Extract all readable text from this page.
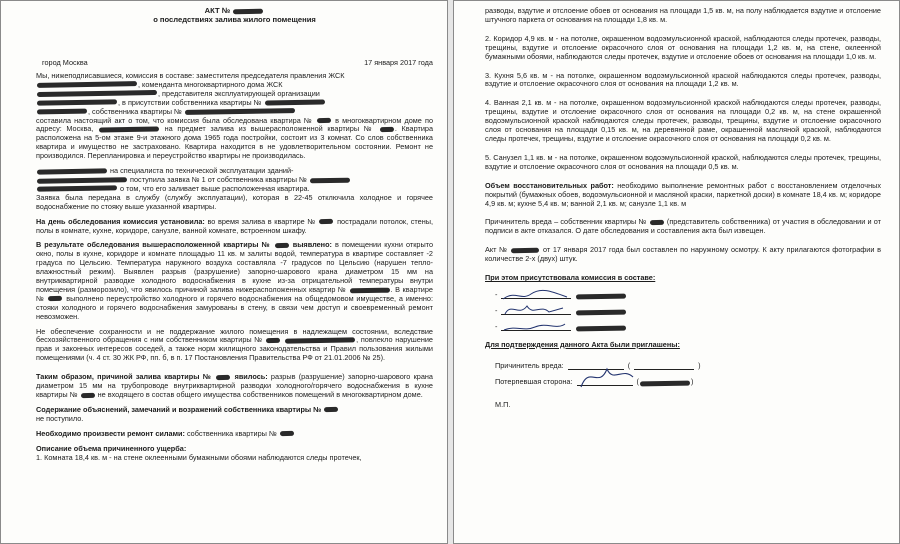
АКТ №

о последствиях залива жилого помещения

город Москва	17 января 2017 года

Мы, нижеподписавшиеся, комиссия в составе: заместителя председателя правления ЖСК
, коменданта многоквартирного дома ЖСК
, представителя эксплуатирующей организации
, в присутствии собственника квартиры №
, собственника квартиры №
составила настоящий акт о том, что комиссия была обследована квартира №	в многоквартирном доме по адресу: Москва,	на предмет залива из вышерасположенной квартиры №	. Квартира расположена на 5-ом этаже 9-и этажного дома 1965 года постройки, состоит из 3 комнат. Со слов собственника квартира и имущество не застраховано. Квартира находится в не удовлетворительном состоянии. Ремонт не производился. Перепланировка и переустройство квартиры не производилась.

на специалиста по технической эксплуатации зданий-
поступила заявка № 1 от собственника квартиры №
о том, что его заливает выше расположенная квартира.
Заявка была передана в службу (службу эксплуатации), которая в 22-45 отключила холодное и горячее водоснабжение по стояку выше указанной квартиры.

На день обследования комиссия установила: во время залива в квартире №	пострадали потолок, стены, полы в комнате, кухне, коридоре, санузле, ванной комнате, встроенном шкафу.

В результате обследования вышерасположенной квартиры №	выявлено: в помещении кухни открыто окно, полы в кухне, коридоре и комнате площадью 11 кв. м залиты водой, температура в квартире составляет -2 градуса по Цельсию. Температура наружного воздуха составляла -7 градусов по Цельсию (нарушен тепло-влажностный режим). Выявлен разрыв (разрушение) запорно-шарового крана диаметром 15 мм на внутриквартирной разводке холодного водоснабжения в кухне из-за отрицательной температуры внутри помещения (разморозило), что явилось причиной залива нижерасположенных квартир №	. В квартире №	выполнено переустройство холодного и горячего водоснабжения на общедомовом имуществе, а именно: стояки холодного и горячего водоснабжения замурованы в стену, в связи чем доступ и своевременный ремонт невозможен.

Не обеспечение сохранности и не поддержание жилого помещения в надлежащем состоянии, вследствие бесхозяйственного обращения с ним собственником квартиры №	, повлекло нарушение прав и законных интересов соседей, а также норм жилищного законодательства и Правил пользования жилыми помещениями (ч. 4 ст. 30 ЖК РФ, пп. б, в п. 17 Постановления Правительства РФ от 21.01.2006 № 25).

Таким образом, причиной залива квартиры №	явилось: разрыв (разрушение) запорно-шарового крана диаметром 15 мм на трубопроводе внутриквартирной разводки холодного/горячего водоснабжения в кухне квартиры №	не входящего в состав общего имущества собственников помещений в многоквартирном доме.

Содержание объяснений, замечаний и возражений собственника квартиры №
не поступило.

Необходимо произвести ремонт силами: собственника квартиры №

Описание объема причиненного ущерба:
1. Комната 18,4 кв. м - на стене оклеенными бумажными обоями наблюдаются следы протечек,

разводы, вздутие и отслоение обоев от основания на площади 1,5 кв. м, на полу наблюдается вздутие и отслоение штучного паркета от основания на площади 1,8 кв. м.

2. Коридор 4,9 кв. м - на потолке, окрашенном водоэмульсионной краской, наблюдаются следы протечек, разводы, трещины, вздутие и отслоение окрасочного слоя от основания на площади 1,2 кв. м, на стене, оклеенной бумажными обоями, наблюдаются следы протечек, вздутие и отслоение обоев от основания на площади 1,0 кв. м.

3. Кухня 5,6 кв. м - на потолке, окрашенном водоэмульсионной краской наблюдаются следы протечек, разводы, вздутие и отслоение окрасочного слоя от основания на площади 1,2 кв. м.

4. Ванная 2,1 кв. м - на потолке, окрашенном водоэмульсионной краской наблюдаются следы протечек, разводы, трещины, вздутие и отслоение окрасочного слоя от основания на площади 0,2 кв. м, на стене окрашенной водоэмульсионной краской наблюдаются следы протечек, разводы, трещины, вздутие и отслоение окрасочного слоя от основания на площади 0,15 кв. м, на деревянной раме, окрашенной масляной краской, наблюдаются следы протечек, трещины, вздутие и отслоение окрасочного слоя от основания на площади 0,2 кв. м.

5. Санузел 1,1 кв. м - на потолке, окрашенном водоэмульсионной краской, наблюдаются следы протечек, трещины, вздутие и отслоение окрасочного слоя от основания на площади 0,5 кв. м.

Объем восстановительных работ: необходимо выполнение ремонтных работ с восстановлением отделочных покрытий (бумажных обоев, водоэмульсионной и масляной краски, паркетной доски) в комнате 18,4 кв. м; коридоре 4,9 кв. м; кухне 5,4 кв. м; ванной 2,1 кв. м; санузле 1,1 кв. м

Причинитель вреда – собственник квартиры №	(представитель собственника) от участия в обследовании и от подписи в акте отказался. О дате обследования и составления акта был извещен.

Акт №	от 17 января 2017 года был составлен по наружному осмотру. К акту прилагаются фотографии в количестве 2-х (двух) штук.

При этом присутствовала комиссия в составе:

-
-
-

Для подтверждения данного Акта были приглашены:

Причинитель вреда:	(	)
Потерпевшая сторона:	(	)
М.П.
